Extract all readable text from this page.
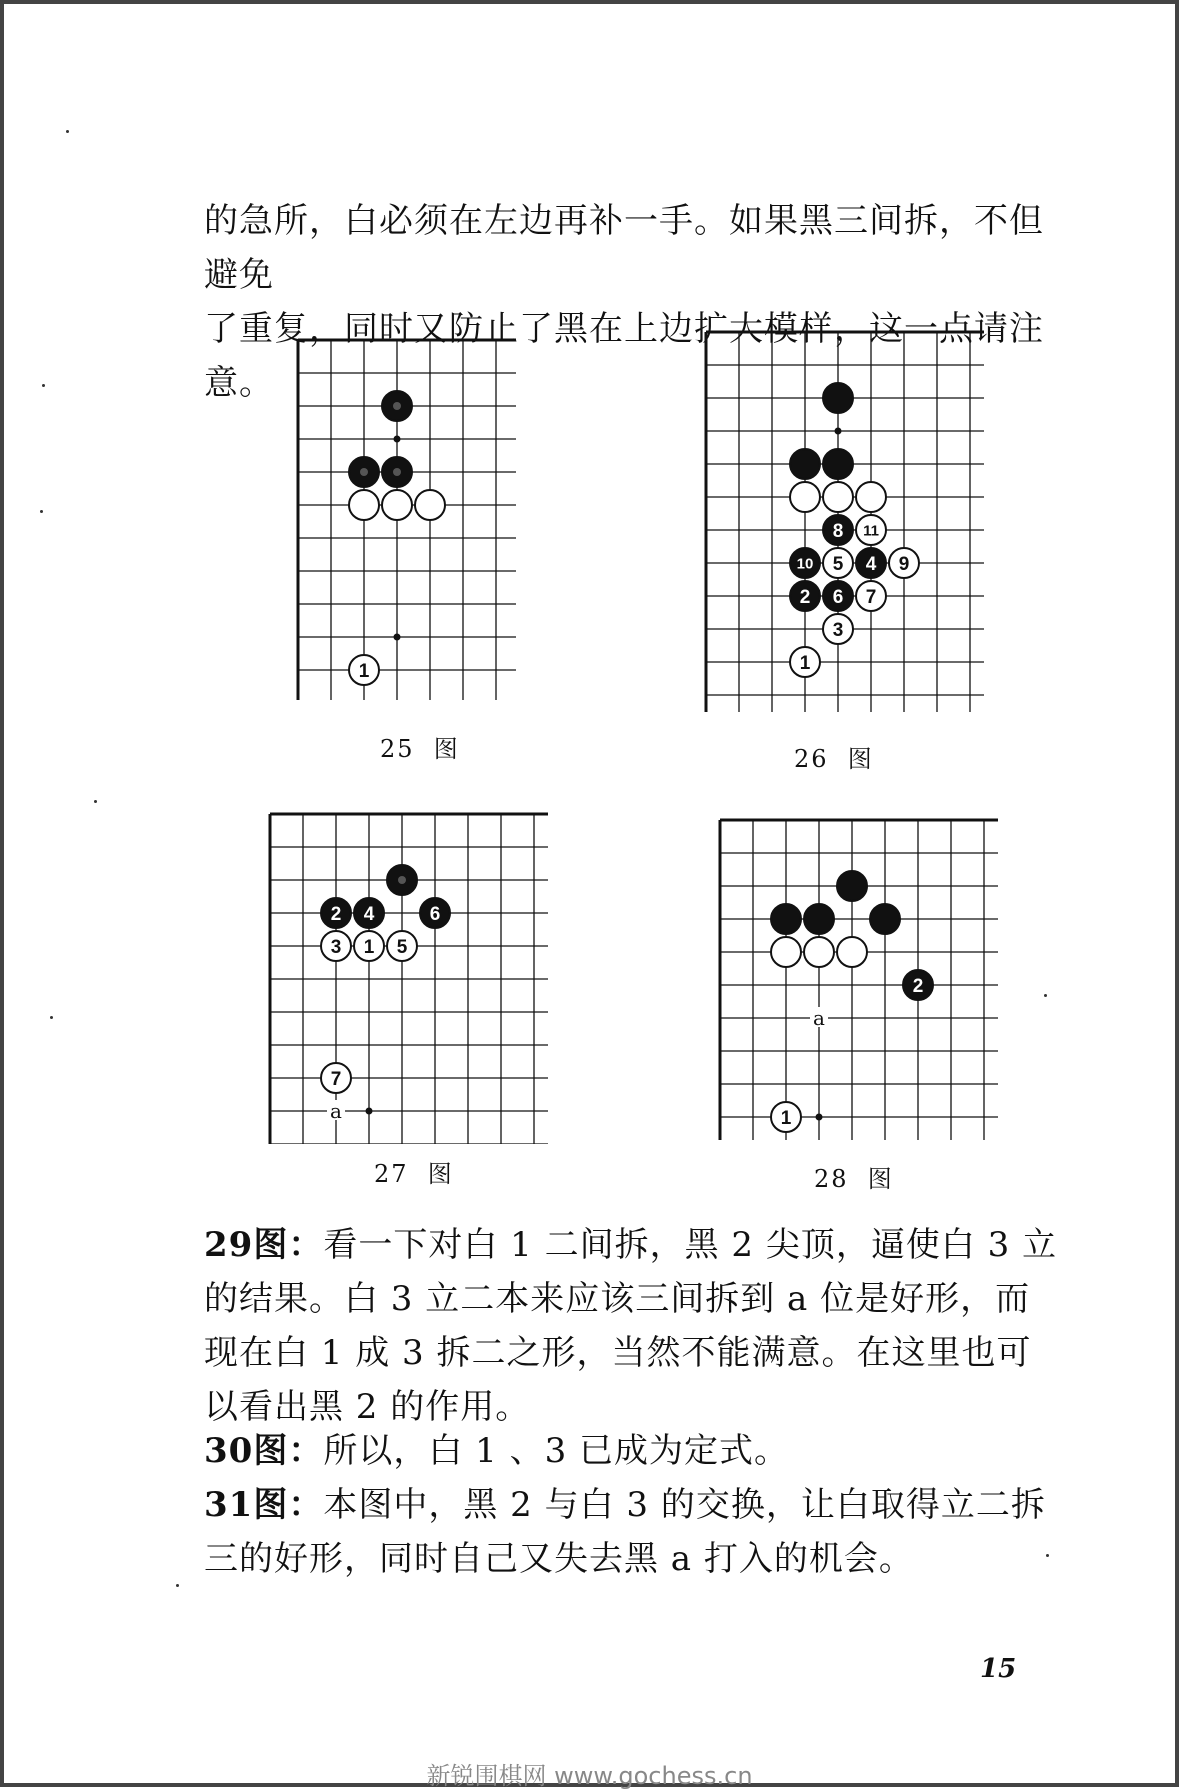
的急所，白必须在左边再补一手。如果黑三间拆，不但避免
了重复，同时又防止了黑在上边扩大模样，这一点请注意。
1
25  图
8 11
10 5 4 9
2 6 7
3
1
26  图
a
2 4	6
3 1 5
7
27  图
a
2
1
28  图
29图：看一下对白 1 二间拆，黑 2 尖顶，逼使白 3 立的结果。白 3 立二本来应该三间拆到 a 位是好形，而现在白 1 成 3 拆二之形，当然不能满意。在这里也可以看出黑 2 的作用。
30图：所以，白 1 、3 已成为定式。
31图：本图中，黑 2 与白 3 的交换，让白取得立二拆三的好形，同时自己又失去黑 a 打入的机会。
15
新锐围棋网 www.gochess.cn
